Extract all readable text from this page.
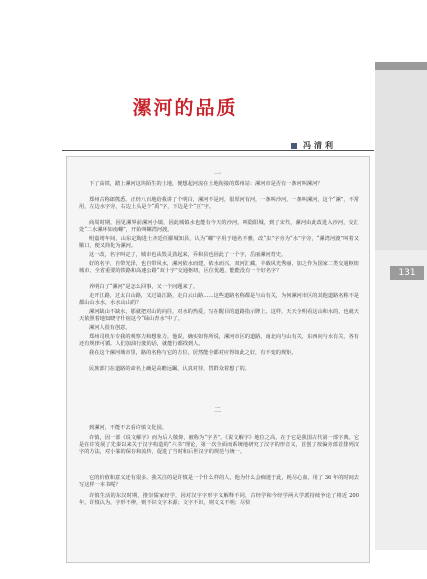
131
漯河的品质
冯清利
一

下了高铁，踏上漯河这块陌生的土地，便想起河流在土地衔接的郑州站：漯河市是否有一条河叫漯河？

郑州古称郎熊悉。正经八百地给我讲了个明白，漯河不是河，很厚河有河，一条叫沙河，一条叫漯河，这个“漯”，不常用，左边水字旁，右边上头是个“禹”字，下边是个“豆”字。

商周时期，因见漯界前漯河小镇，因此城镇水也能有今天的沙河，叫隐阳城，到了宋代，漯河由此改进入沙河，交汇处“二水漯环如南螺”，开始叫螺湾河渡。

明嘉靖年间，山东定陶进士齐廷任郾城知县，认为“螺”字用于地名不雅，改“虫”字旁为“水”字旁，“漯湾河渡”叫着又顺口，便又简化为漯河。

这一改，名字叫定了，城市也从毁灵劲起来，乔和县也因此了一个字，岳丽漯河育史。

好的名字，自带光泽，也自带风水，漯河依水而建，依水而兴，双河汇藏，丰载风光秀丽，加之作为国家二类交通枢纽城市，全省重要的铁路和高速公路“双十字”交通枢纽，区位优越，能能没有一个好名字？

养明白了“漯河”是怎么回事，又一个问题来了。

走开江路，过太白山路，又过嵩江路，走白云山路……这些道路名称都是与山有关，为何漯河市区的其他道路名称不是都山山水水，水水山山的？

漯河缺山不缺水，那就把对山的向往，对水的热爱，写在醒目的道路指示牌上。这样，天天全明看这山和水的，也就天天依照着地知晓守什宿这今“绿山青水”中了。

漯河人很有创意。

郑州司机车专我的观察力和想象力。他说，确实如你所说，漯河市区的道路，南北向与山有关，东西向与水有关，各有还有规律可循。人们加油行驶的话，就能行都找到人。

我在这个漯河城市里，路的名称与它的方位，居然能全都对应得如此之好，有不变的规矩。

民族部门在道路的命名上确是高瞻远瞩，认真对待，替群众着想了的。

二

到漯河，不能不去看许慎文化园。

许慎，因一部《说文解字》而为后人敬仰，被称为“字圣”。《说文解字》地位之高，在于它是我国古代第一部字典。它是在许发展了先秦以来关于汉字构造的“六书”理论，第一次全面而系统地研究了汉字的形音义，首创了按偏旁部首排列汉字的方法，对小篆的保存和流传，促进了当时和后世汉字的规范与统一。

它的价值和意义还有很多。我关注的是许慎是一个什么样的人，他为什么会痴迷于此，耗尽心血，用了 36 年的时间去写这样一本书呢？

许慎生活的东汉时期，推崇儒家经学，因对汉字字形字义解释不同，古经学和今经学两大学派持续争论了将近 200 年。许慎认为，字形不辨，则不识文字本源；文字不识，则文义不明；尽快
